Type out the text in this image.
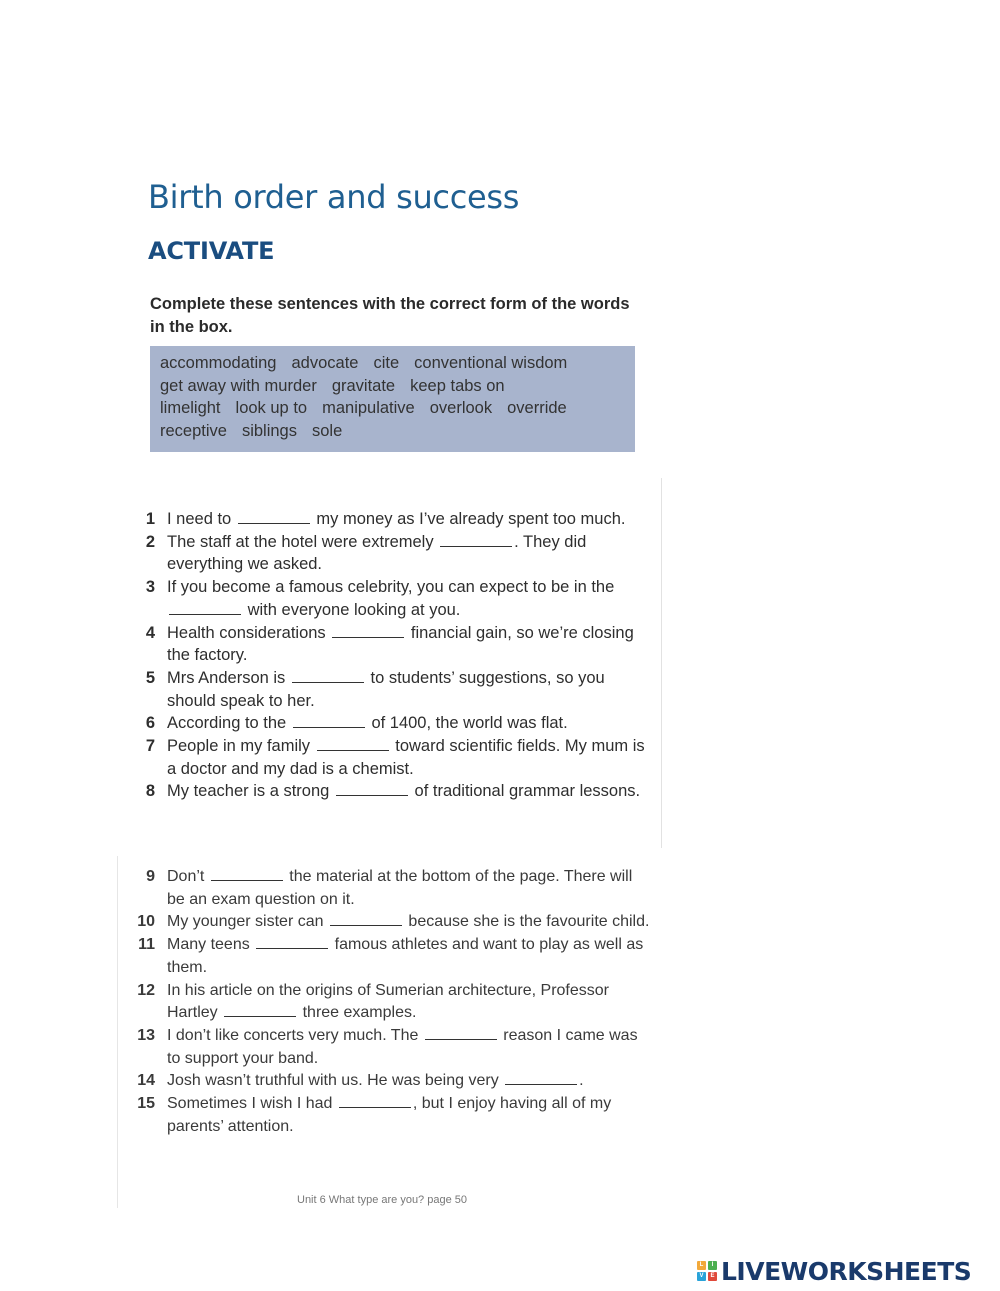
Birth order and success
ACTIVATE
Complete these sentences with the correct form of the words in the box.
accommodating advocate cite conventional wisdom
get away with murder gravitate keep tabs on
limelight look up to manipulative overlook override
receptive siblings sole
1 I need to	my money as I’ve already spent too much.
2 The staff at the hotel were extremely	. They did everything we asked.
3 If you become a famous celebrity, you can expect to be in the  with everyone looking at you.
4 Health considerations	financial gain, so we’re closing the factory.
5 Mrs Anderson is	to students’ suggestions, so you should speak to her.
6 According to the	of 1400, the world was flat.
7 People in my family	toward scientific fields. My mum is a doctor and my dad is a chemist.
8 My teacher is a strong	of traditional grammar lessons.
9 Don’t	the material at the bottom of the page. There will be an exam question on it.
10 My younger sister can	because she is the favourite child.
11 Many teens	famous athletes and want to play as well as them.
12 In his article on the origins of Sumerian architecture, Professor Hartley	three examples.
13 I don’t like concerts very much. The	reason I came was to support your band.
14 Josh wasn’t truthful with us. He was being very	.
15 Sometimes I wish I had	, but I enjoy having all of my parents’ attention.
Unit 6 What type are you? page 50
L	I
V	E LIVEWORKSHEETS
